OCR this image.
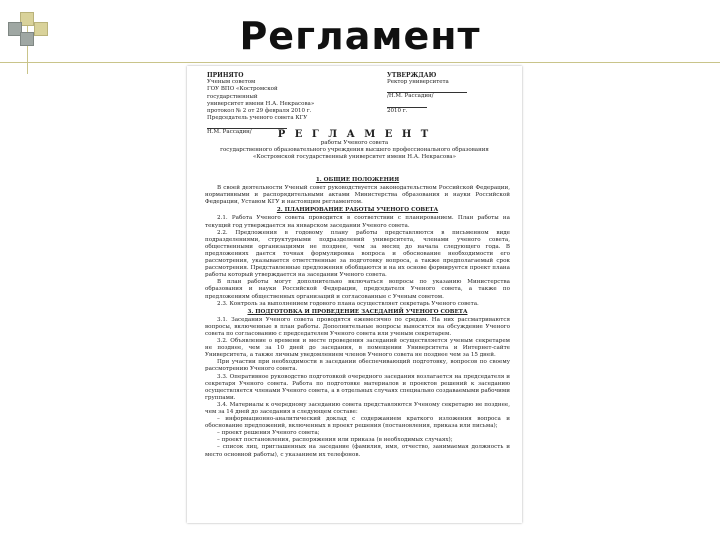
Регламент
ПРИНЯТО
Ученым советом
ГОУ ВПО «Костромской государственный
университет имени Н.А. Некрасова»
протокол № 2 от 29 февраля 2010 г.
Председатель ученого совета КГУ
Н.М. Рассадин/
УТВЕРЖДАЮ
Ректор университета
/Н.М. Рассадин/
2010 г.
Р Е Г Л А М Е Н Т
работы Ученого совета
государственного образовательного учреждения высшего профессионального образования
«Костромской государственный университет имени Н.А. Некрасова»
1. ОБЩИЕ ПОЛОЖЕНИЯ
В своей деятельности Ученый совет руководствуется законодательством Российской Федерации, нормативными и распорядительными актами Министерства образования и науки Российской Федерации, Уставом КГУ и настоящим регламентом.
2. ПЛАНИРОВАНИЕ РАБОТЫ УЧЕНОГО СОВЕТА
2.1. Работа Ученого совета проводится в соответствии с планированием. План работы на текущий год утверждается на январском заседании Ученого совета.
2.2. Предложения в годовому плану работы представляются в письменном виде подразделениями, структурными подразделений университета, членами ученого совета, общественными организациями не позднее, чем за месяц до начала следующего года. В предложениях дается точная формулировка вопроса и обоснование необходимости его рассмотрения, указывается ответственные за подготовку вопроса, а также предполагаемый срок рассмотрения. Представленные предложения обобщаются и на их основе формируется проект плана работы который утверждается на заседании Ученого совета.
В план работы могут дополнительно включаться вопросы по указанию Министерства образования и науки Российской Федерации, председателя Ученого совета, а также по предложениям общественных организаций и согласованные с Ученым советом.
2.3. Контроль за выполнением годового плана осуществляет секретарь Ученого совета.
3. ПОДГОТОВКА И ПРОВЕДЕНИЕ ЗАСЕДАНИЙ УЧЕНОГО СОВЕТА
3.1. Заседания Ученого совета проводятся ежемесячно по средам. На них рассматриваются вопросы, включенные в план работы. Дополнительные вопросы выносятся на обсуждение Ученого совета по согласованию с председателем Ученого совета или ученым секретарем.
3.2. Объявление о времени и месте проведения заседаний осуществляется ученым секретарем не позднее, чем за 10 дней до заседания, в помещении Университета и Интернет-сайте Университета, а также личным уведомлением членов Ученого совета не позднее чем за 15 дней.
При участии при необходимости в заседании обеспечивающий подготовку, вопросов по своему рассмотрению Ученого совета.
3.3. Оперативное руководство подготовкой очередного заседания возлагается на председателя и секретаря Ученого совета. Работа по подготовке материалов и проектов решений к заседанию осуществляется членами Ученого совета, а в отдельных случаях специально создаваемыми рабочими группами.
3.4. Материалы к очередному заседанию совета представляются Ученому секретарю не позднее, чем за 14 дней до заседания в следующем составе:
– информационно-аналитический доклад с содержанием краткого изложения вопроса и обоснование предложений, включенных в проект решения (постановления, приказа или письма);
– проект решения Ученого совета;
– проект постановления, распоряжения или приказа (в необходимых случаях);
– список лиц, приглашенных на заседание (фамилия, имя, отчество, занимаемая должность и место основной работы), с указанием их телефонов.
